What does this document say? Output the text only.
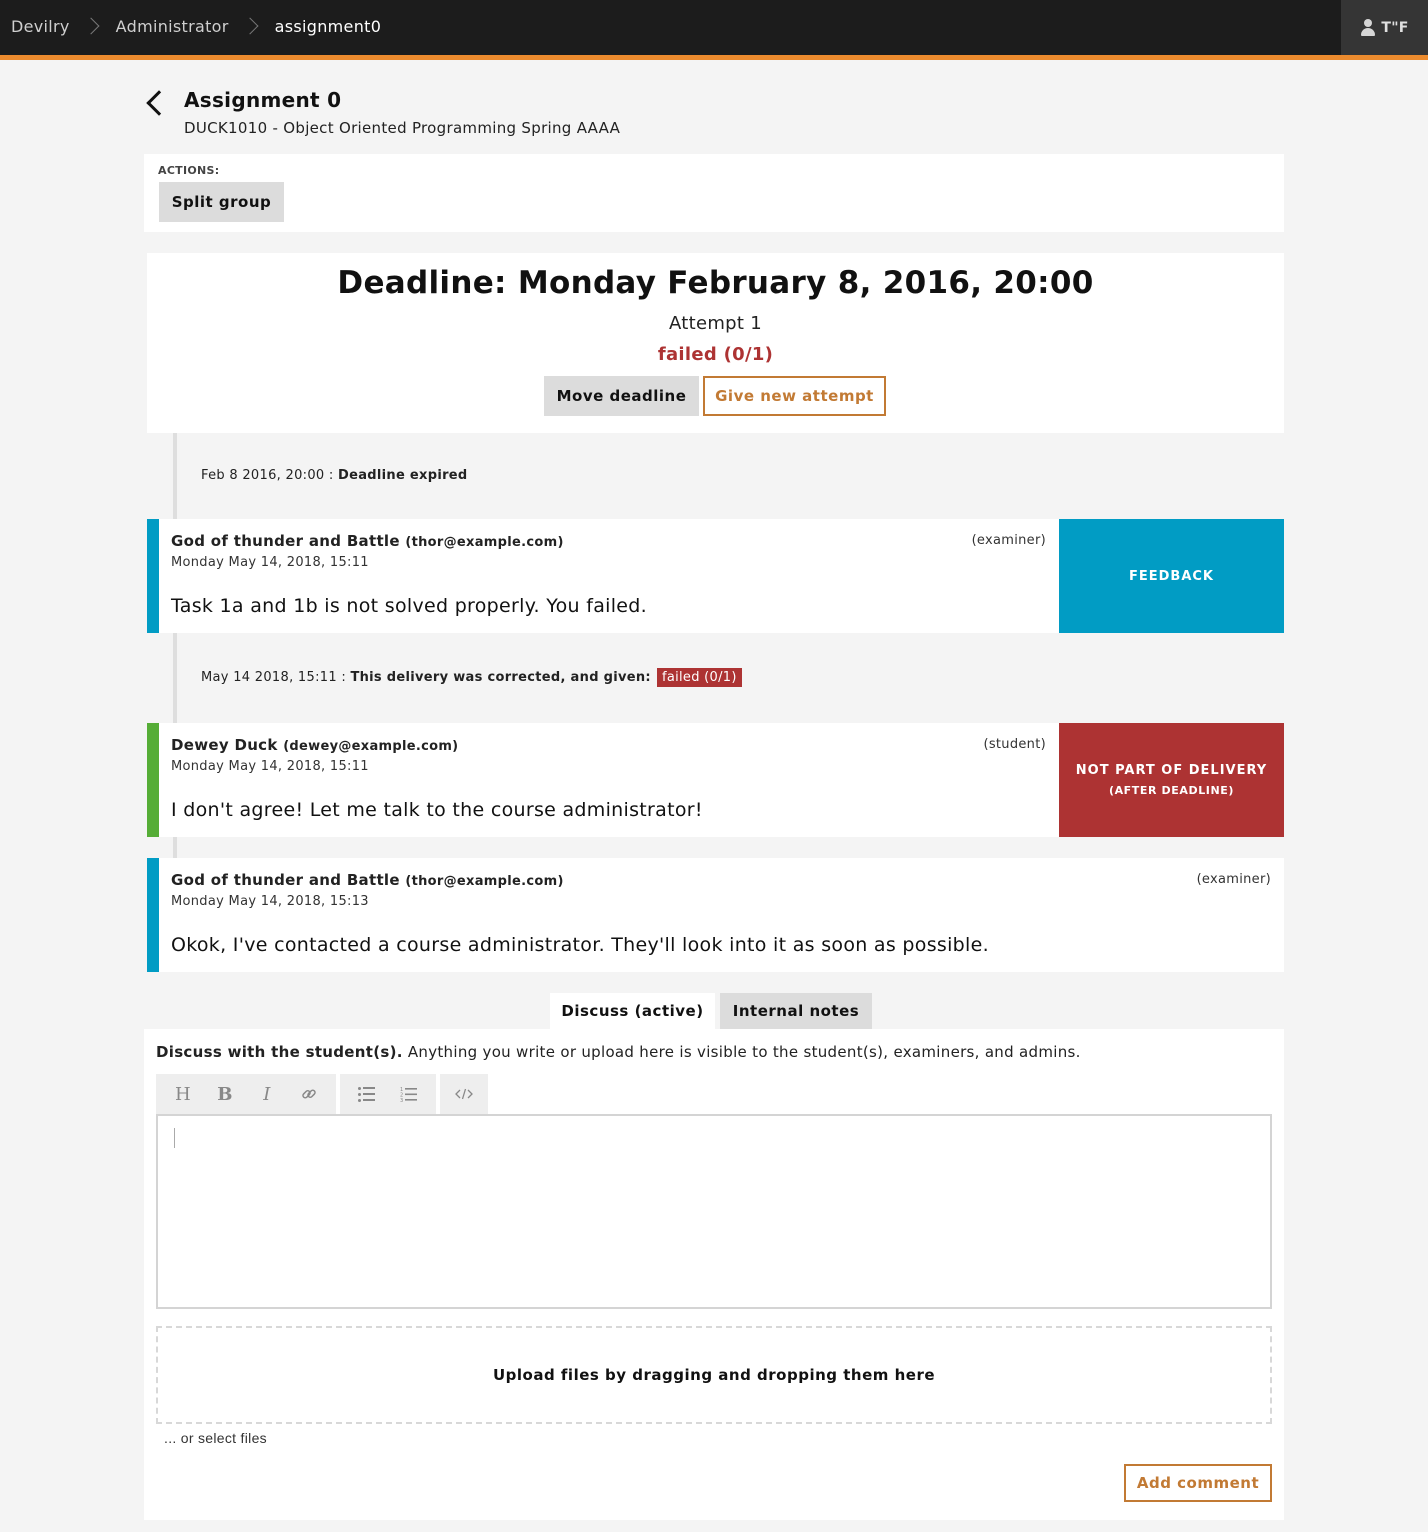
Devilry	Administrator	assignment0	T"F
Assignment 0
DUCK1010 - Object Oriented Programming Spring AAAA
ACTIONS:
Split group
Deadline: Monday February 8, 2016, 20:00
Attempt 1
failed (0/1)
Move deadline	Give new attempt
Feb 8 2016, 20:00 : Deadline expired
God of thunder and Battle (thor@example.com)
Monday May 14, 2018, 15:11
(examiner)
Task 1a and 1b is not solved properly. You failed.
FEEDBACK
May 14 2018, 15:11 : This delivery was corrected, and given: failed (0/1)
Dewey Duck (dewey@example.com)
Monday May 14, 2018, 15:11
(student)
I don't agree! Let me talk to the course administrator!
NOT PART OF DELIVERY
(AFTER DEADLINE)
God of thunder and Battle (thor@example.com)
Monday May 14, 2018, 15:13
(examiner)
Okok, I've contacted a course administrator. They'll look into it as soon as possible.
Discuss (active)	Internal notes
Discuss with the student(s). Anything you write or upload here is visible to the student(s), examiners, and admins.
H	B	I	1
2
3
Upload files by dragging and dropping them here
... or select files
Add comment
